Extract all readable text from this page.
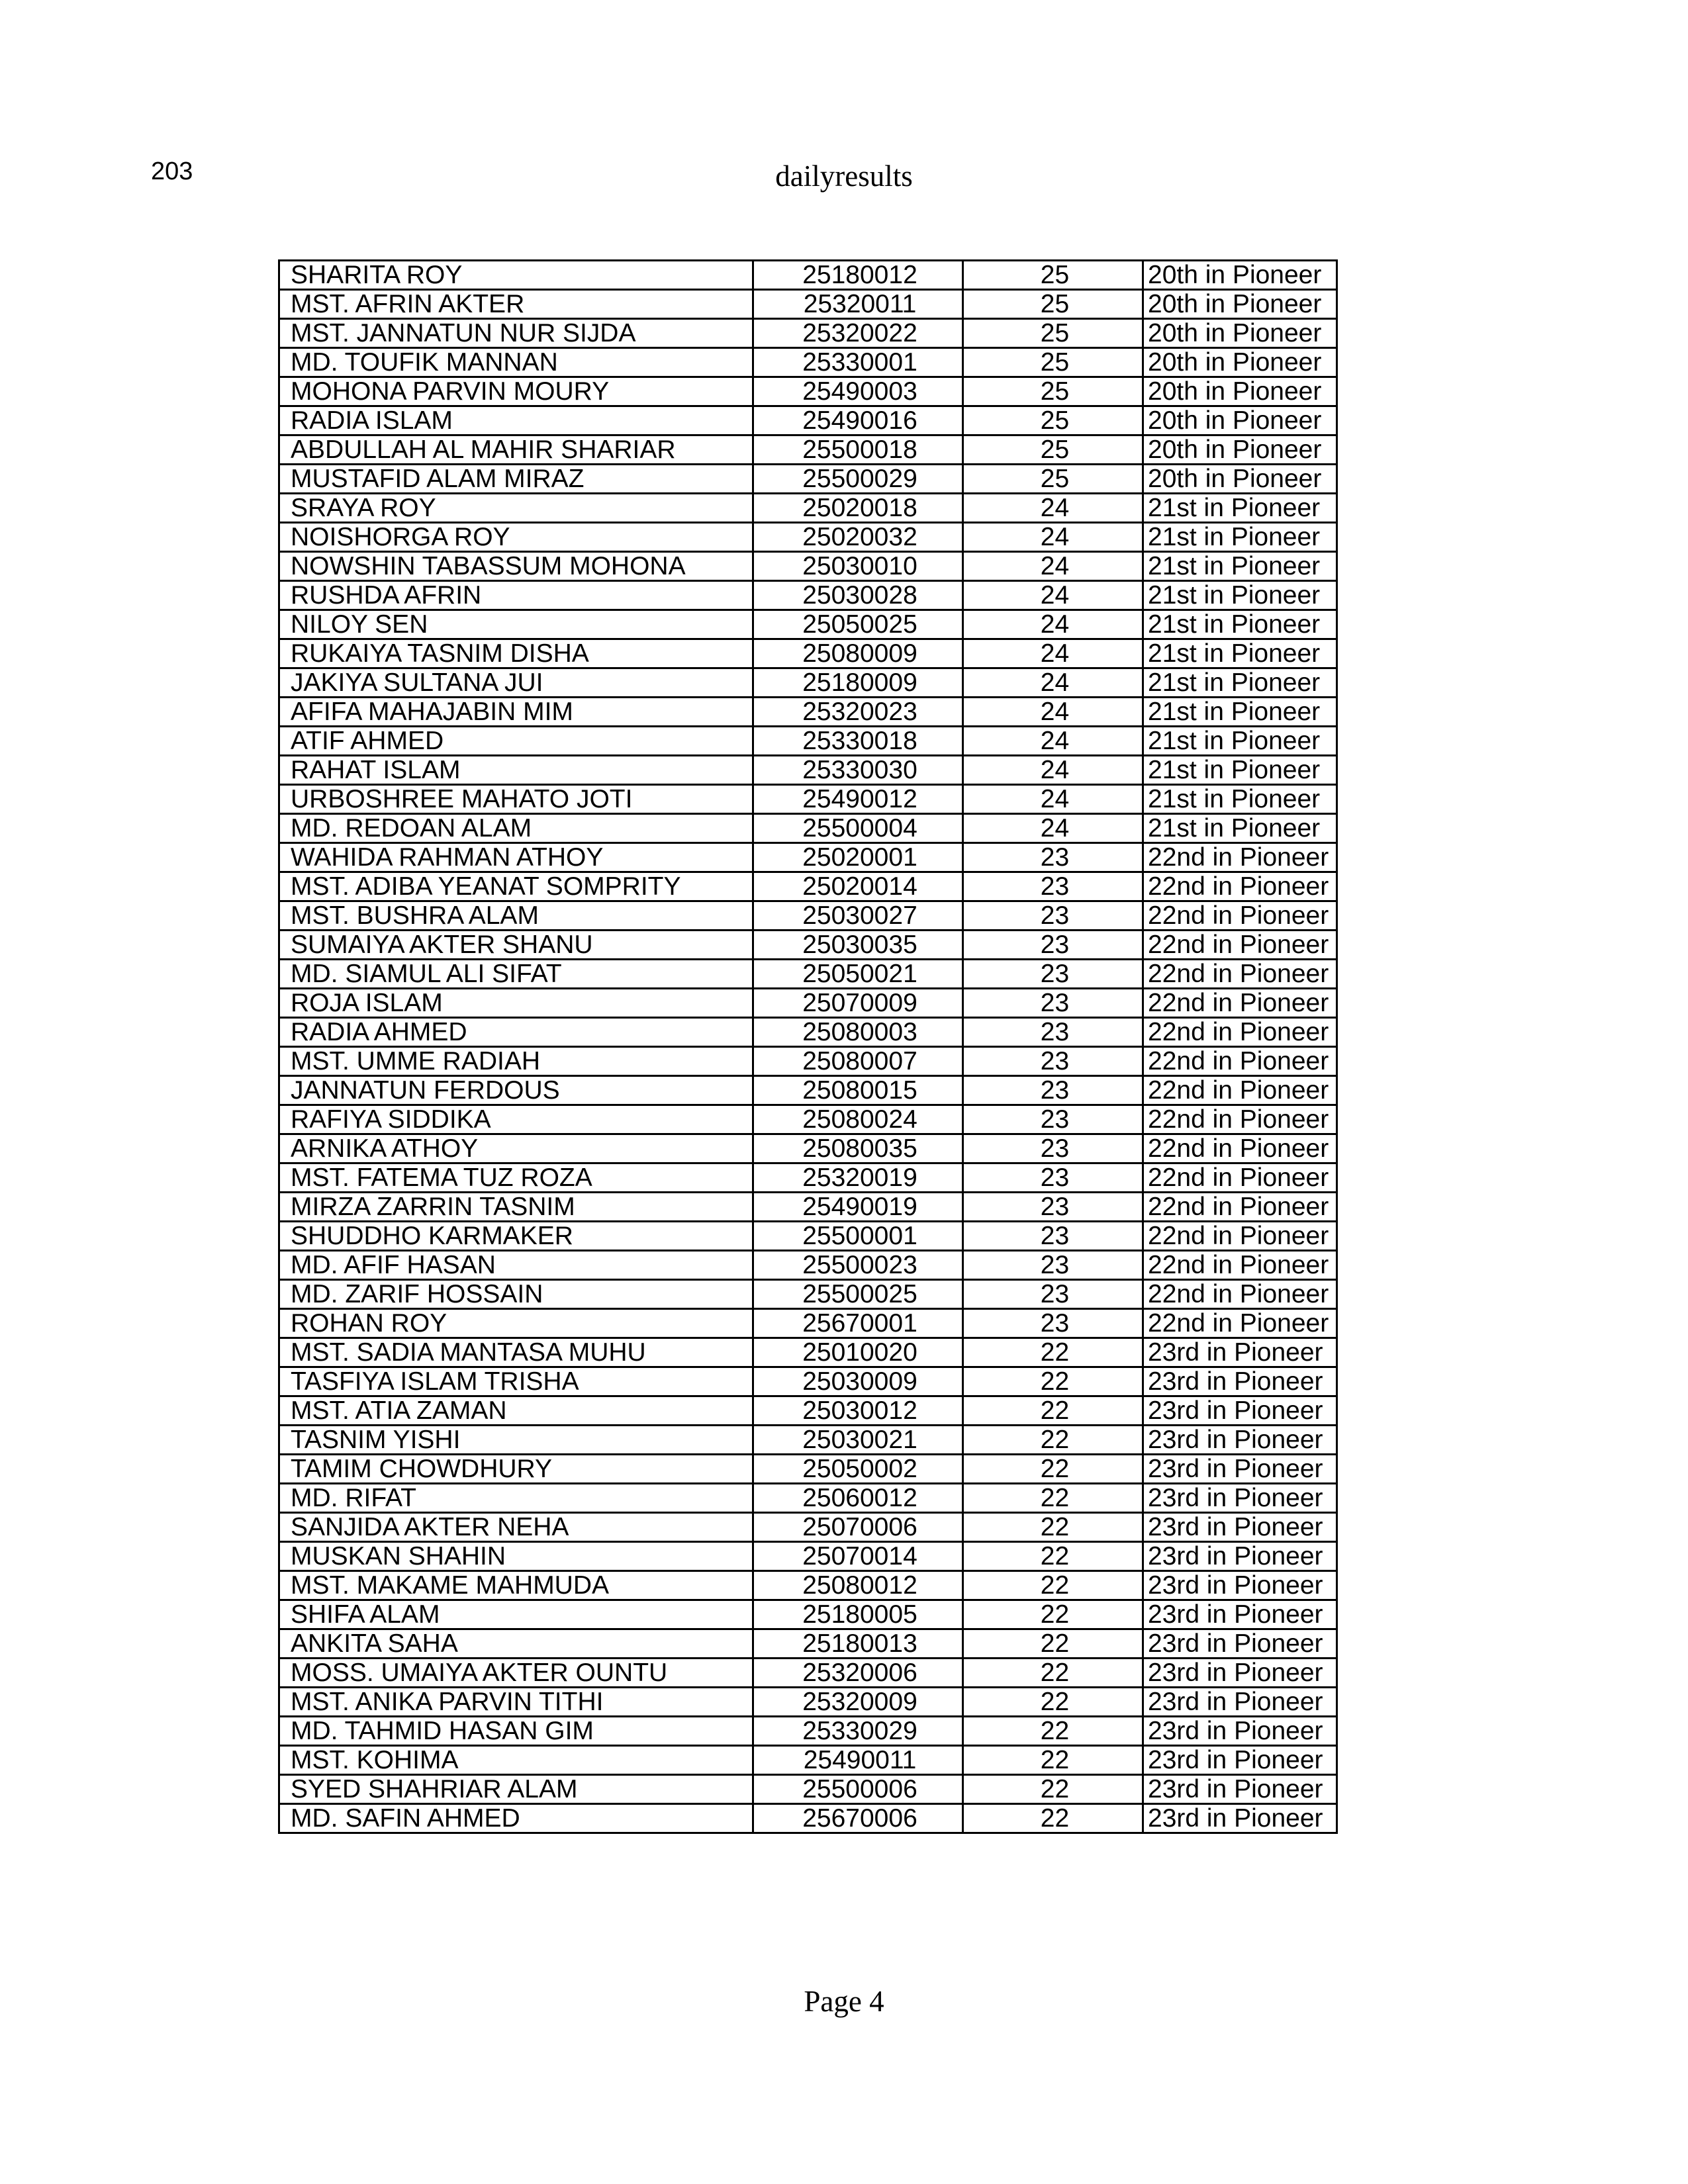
203	dailyresults
SHARITA ROY	25180012	25	20th in Pioneer
MST. AFRIN AKTER	25320011	25	20th in Pioneer
MST. JANNATUN NUR SIJDA	25320022	25	20th in Pioneer
MD. TOUFIK MANNAN	25330001	25	20th in Pioneer
MOHONA PARVIN MOURY	25490003	25	20th in Pioneer
RADIA ISLAM	25490016	25	20th in Pioneer
ABDULLAH AL MAHIR SHARIAR	25500018	25	20th in Pioneer
MUSTAFID ALAM MIRAZ	25500029	25	20th in Pioneer
SRAYA ROY	25020018	24	21st in Pioneer
NOISHORGA ROY	25020032	24	21st in Pioneer
NOWSHIN TABASSUM MOHONA	25030010	24	21st in Pioneer
RUSHDA AFRIN	25030028	24	21st in Pioneer
NILOY SEN	25050025	24	21st in Pioneer
RUKAIYA TASNIM DISHA	25080009	24	21st in Pioneer
JAKIYA SULTANA JUI	25180009	24	21st in Pioneer
AFIFA MAHAJABIN MIM	25320023	24	21st in Pioneer
ATIF AHMED	25330018	24	21st in Pioneer
RAHAT ISLAM	25330030	24	21st in Pioneer
URBOSHREE MAHATO JOTI	25490012	24	21st in Pioneer
MD. REDOAN ALAM	25500004	24	21st in Pioneer
WAHIDA RAHMAN ATHOY	25020001	23	22nd in Pioneer
MST. ADIBA YEANAT SOMPRITY	25020014	23	22nd in Pioneer
MST. BUSHRA ALAM	25030027	23	22nd in Pioneer
SUMAIYA AKTER SHANU	25030035	23	22nd in Pioneer
MD. SIAMUL ALI SIFAT	25050021	23	22nd in Pioneer
ROJA ISLAM	25070009	23	22nd in Pioneer
RADIA AHMED	25080003	23	22nd in Pioneer
MST. UMME RADIAH	25080007	23	22nd in Pioneer
JANNATUN FERDOUS	25080015	23	22nd in Pioneer
RAFIYA SIDDIKA	25080024	23	22nd in Pioneer
ARNIKA ATHOY	25080035	23	22nd in Pioneer
MST. FATEMA TUZ ROZA	25320019	23	22nd in Pioneer
MIRZA ZARRIN TASNIM	25490019	23	22nd in Pioneer
SHUDDHO KARMAKER	25500001	23	22nd in Pioneer
MD. AFIF HASAN	25500023	23	22nd in Pioneer
MD. ZARIF HOSSAIN	25500025	23	22nd in Pioneer
ROHAN ROY	25670001	23	22nd in Pioneer
MST. SADIA MANTASA MUHU	25010020	22	23rd in Pioneer
TASFIYA ISLAM TRISHA	25030009	22	23rd in Pioneer
MST. ATIA ZAMAN	25030012	22	23rd in Pioneer
TASNIM YISHI	25030021	22	23rd in Pioneer
TAMIM CHOWDHURY	25050002	22	23rd in Pioneer
MD. RIFAT	25060012	22	23rd in Pioneer
SANJIDA AKTER NEHA	25070006	22	23rd in Pioneer
MUSKAN SHAHIN	25070014	22	23rd in Pioneer
MST. MAKAME MAHMUDA	25080012	22	23rd in Pioneer
SHIFA ALAM	25180005	22	23rd in Pioneer
ANKITA SAHA	25180013	22	23rd in Pioneer
MOSS. UMAIYA AKTER OUNTU	25320006	22	23rd in Pioneer
MST. ANIKA PARVIN TITHI	25320009	22	23rd in Pioneer
MD. TAHMID HASAN GIM	25330029	22	23rd in Pioneer
MST. KOHIMA	25490011	22	23rd in Pioneer
SYED SHAHRIAR ALAM	25500006	22	23rd in Pioneer
MD. SAFIN AHMED	25670006	22	23rd in Pioneer
Page 4
